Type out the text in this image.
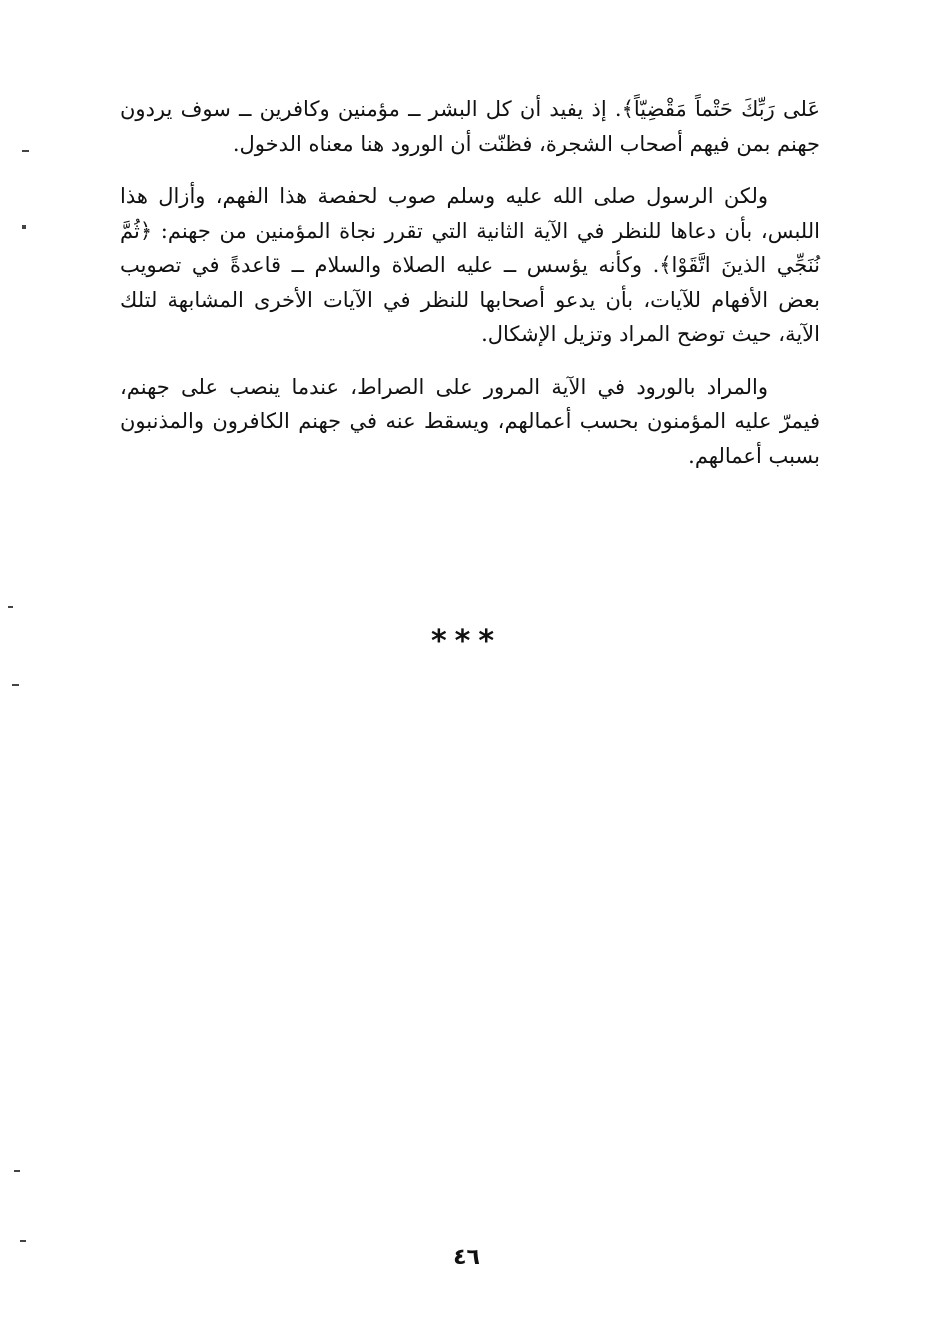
عَلى رَبِّكَ حَتْماً مَقْضِيّاً﴾. إذ يفيد أن كل البشر ــ مؤمنين وكافرين ــ سوف يردون جهنم بمن فيهم أصحاب الشجرة، فظنّت أن الورود هنا معناه الدخول.

ولكن الرسول صلى الله عليه وسلم صوب لحفصة هذا الفهم، وأزال هذا اللبس، بأن دعاها للنظر في الآية الثانية التي تقرر نجاة المؤمنين من جهنم: ﴿ثُمَّ نُنَجِّي الذينَ اتَّقَوْا﴾. وكأنه يؤسس ــ عليه الصلاة والسلام ــ قاعدةً في تصويب بعض الأفهام للآيات، بأن يدعو أصحابها للنظر في الآيات الأخرى المشابهة لتلك الآية، حيث توضح المراد وتزيل الإشكال.

والمراد بالورود في الآية المرور على الصراط، عندما ينصب على جهنم، فيمرّ عليه المؤمنون بحسب أعمالهم، ويسقط عنه في جهنم الكافرون والمذنبون بسبب أعمالهم.

***
٤٦
